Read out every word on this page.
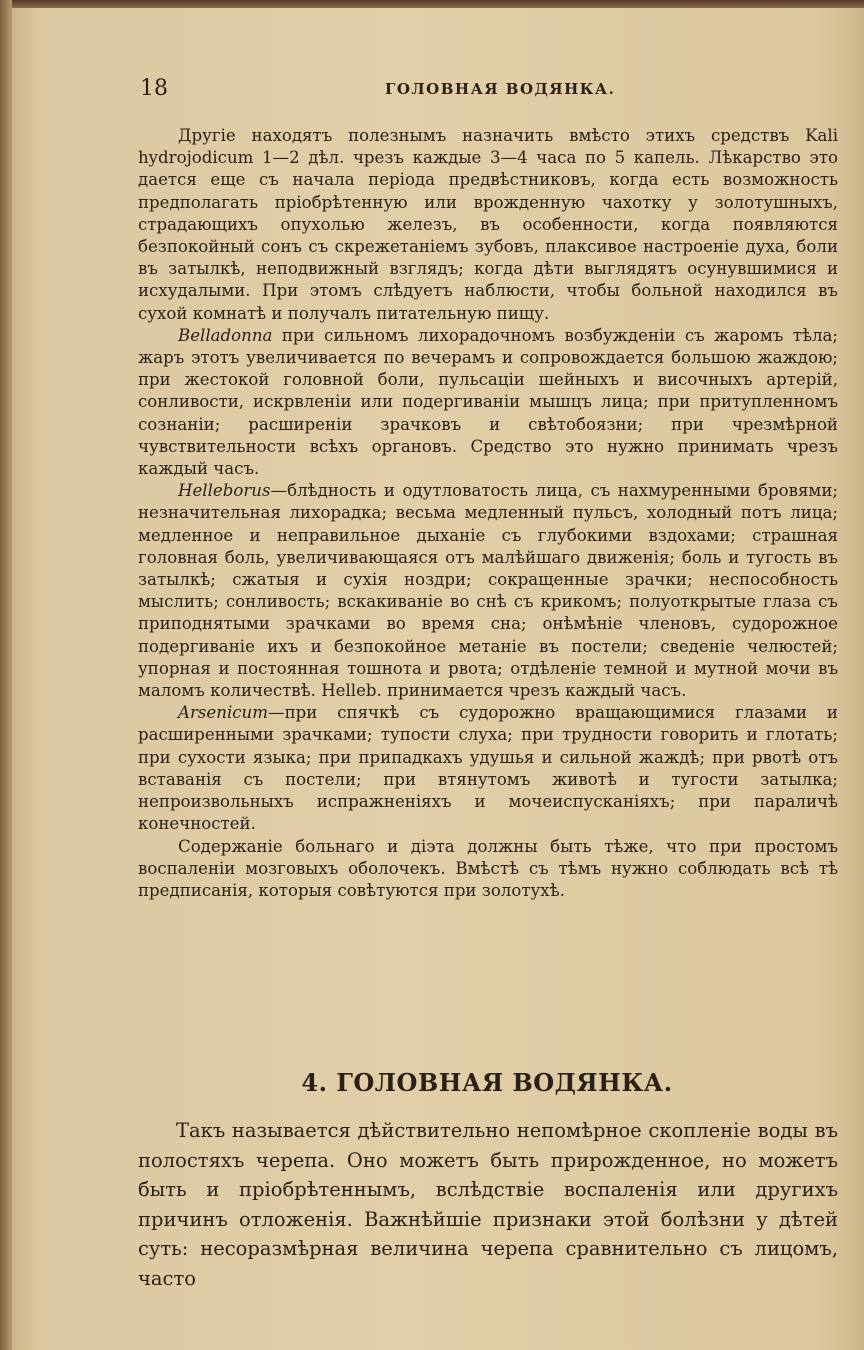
18	ГОЛОВНАЯ ВОДЯНКА.

Другіе находятъ полезнымъ назначить вмѣсто этихъ средствъ Kali hydrojodicum 1—2 дѣл. чрезъ каждые 3—4 часа по 5 капель. Лѣкарство это дается еще съ начала періода предвѣстниковъ, когда есть возможность предполагать пріобрѣтенную или врожденную чахотку у золотушныхъ, страдающихъ опухолью железъ, въ особенности, когда появляются безпокойный сонъ съ скрежетаніемъ зубовъ, плаксивое настроеніе духа, боли въ затылкѣ, неподвижный взглядъ; когда дѣти выглядятъ осунувшимися и исхудалыми. При этомъ слѣдуетъ наблюсти, чтобы больной находился въ сухой комнатѣ и получалъ питательную пищу.

Belladonna при сильномъ лихорадочномъ возбужденіи съ жаромъ тѣла; жаръ этотъ увеличивается по вечерамъ и сопровождается большою жаждою; при жестокой головной боли, пульсаціи шейныхъ и височныхъ артерій, сонливости, искрвленіи или подергиваніи мышцъ лица; при притупленномъ сознаніи; расширеніи зрачковъ и свѣтобоязни; при чрезмѣрной чувствительности всѣхъ органовъ. Средство это нужно принимать чрезъ каждый часъ.

Helleborus—блѣдность и одутловатость лица, съ нахмуренными бровями; незначительная лихорадка; весьма медленный пульсъ, холодный потъ лица; медленное и неправильное дыханіе съ глубокими вздохами; страшная головная боль, увеличивающаяся отъ малѣйшаго движенія; боль и тугость въ затылкѣ; сжатыя и сухія ноздри; сокращенные зрачки; неспособность мыслить; сонливость; вскакиваніе во снѣ съ крикомъ; полуоткрытые глаза съ приподнятыми зрачками во время сна; онѣмѣніе членовъ, судорожное подергиваніе ихъ и безпокойное метаніе въ постели; сведеніе челюстей; упорная и постоянная тошнота и рвота; отдѣленіе темной и мутной мочи въ маломъ количествѣ. Helleb. принимается чрезъ каждый часъ.

Arsenicum—при спячкѣ съ судорожно вращающимися глазами и расширенными зрачками; тупости слуха; при трудности говорить и глотать; при сухости языка; при припадкахъ удушья и сильной жаждѣ; при рвотѣ отъ вставанія съ постели; при втянутомъ животѣ и тугости затылка; непроизвольныхъ испражненіяхъ и мочеиспусканіяхъ; при параличѣ конечностей.

Содержаніе больнаго и діэта должны быть тѣже, что при простомъ воспаленіи мозговыхъ оболочекъ. Вмѣстѣ съ тѣмъ нужно соблюдать всѣ тѣ предписанія, которыя совѣтуются при золотухѣ.

4. ГОЛОВНАЯ ВОДЯНКА.

Такъ называется дѣйствительно непомѣрное скопленіе воды въ полостяхъ черепа. Оно можетъ быть прирожденное, но можетъ быть и пріобрѣтеннымъ, вслѣдствіе воспаленія или другихъ причинъ отложенія. Важнѣйшіе признаки этой болѣзни у дѣтей суть: несоразмѣрная величина черепа сравнительно съ лицомъ, часто
